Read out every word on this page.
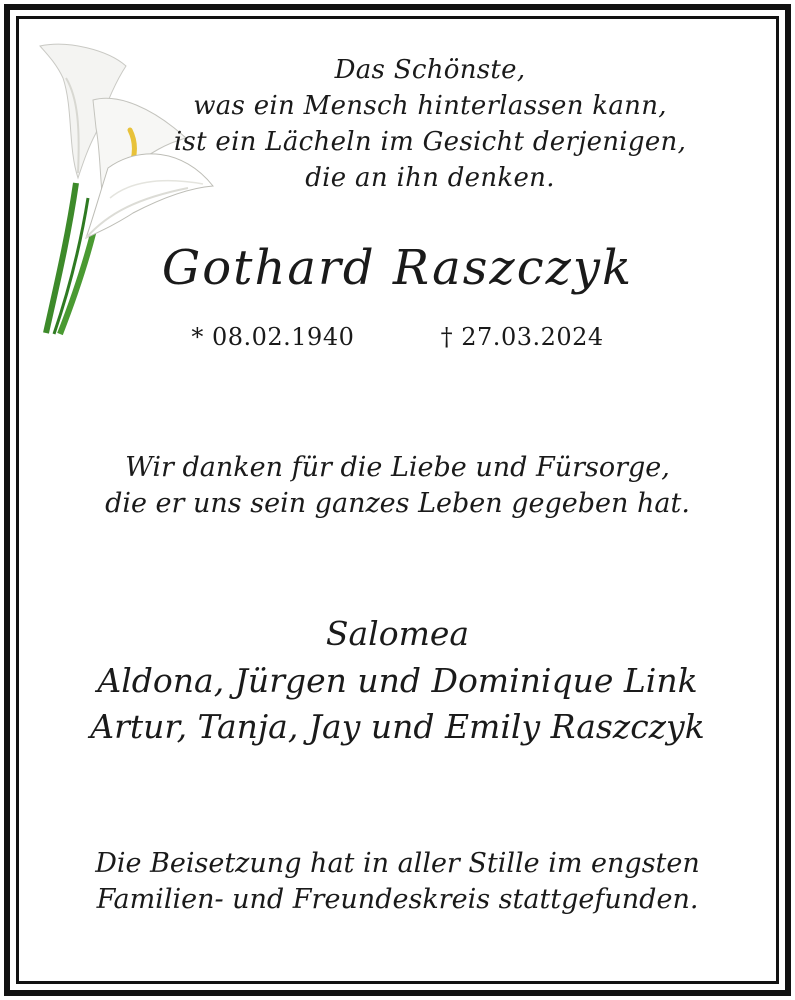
Das Schönste,
was ein Mensch hinterlassen kann,
ist ein Lächeln im Gesicht derjenigen,
die an ihn denken.
Gothard Raszczyk
* 08.02.1940	† 27.03.2024
Wir danken für die Liebe und Fürsorge,
die er uns sein ganzes Leben gegeben hat.
Salomea
Aldona, Jürgen und Dominique Link
Artur, Tanja, Jay und Emily Raszczyk
Die Beisetzung hat in aller Stille im engsten
Familien- und Freundeskreis stattgefunden.
